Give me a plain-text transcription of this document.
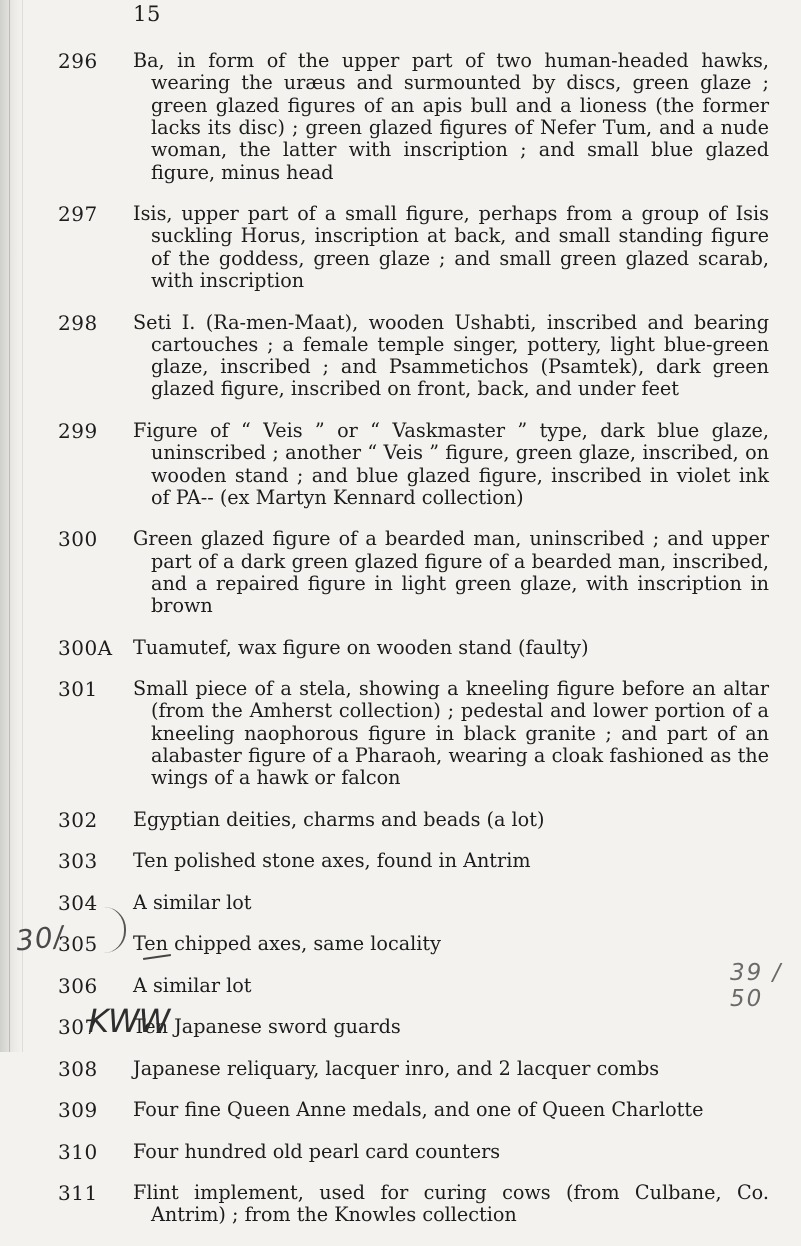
15
296	Ba, in form of the upper part of two human-headed hawks, wearing the uræus and surmounted by discs, green glaze ; green glazed figures of an apis bull and a lioness (the former lacks its disc) ; green glazed figures of Nefer Tum, and a nude woman, the latter with inscription ; and small blue glazed figure, minus head

297	Isis, upper part of a small figure, perhaps from a group of Isis suckling Horus, inscription at back, and small standing figure of the goddess, green glaze ; and small green glazed scarab, with inscription

298	Seti I. (Ra-men-Maat), wooden Ushabti, inscribed and bearing cartouches ; a female temple singer, pottery, light blue-green glaze, inscribed ; and Psammetichos (Psamtek), dark green glazed figure, inscribed on front, back, and under feet

299	Figure of “ Veis ” or “ Vaskmaster ” type, dark blue glaze, uninscribed ; another “ Veis ” figure, green glaze, inscribed, on wooden stand ; and blue glazed figure, inscribed in violet ink of PA-- (ex Martyn Kennard collection)

300	Green glazed figure of a bearded man, uninscribed ; and upper part of a dark green glazed figure of a bearded man, inscribed, and a repaired figure in light green glaze, with inscription in brown

300A	Tuamutef, wax figure on wooden stand (faulty)

301	Small piece of a stela, showing a kneeling figure before an altar (from the Amherst collection) ; pedestal and lower portion of a kneeling naophorous figure in black granite ; and part of an alabaster figure of a Pharaoh, wearing a cloak fashioned as the wings of a hawk or falcon

302	Egyptian deities, charms and beads (a lot)

303	Ten polished stone axes, found in Antrim

304	A similar lot

305	Ten chipped axes, same locality

306	A similar lot

307	Ten Japanese sword guards

308	Japanese reliquary, lacquer inro, and 2 lacquer combs

309	Four fine Queen Anne medals, and one of Queen Charlotte

310	Four hundred old pearl card counters

311	Flint implement, used for curing cows (from Culbane, Co. Antrim) ; from the Knowles collection

30/
39 / 50
KWW
